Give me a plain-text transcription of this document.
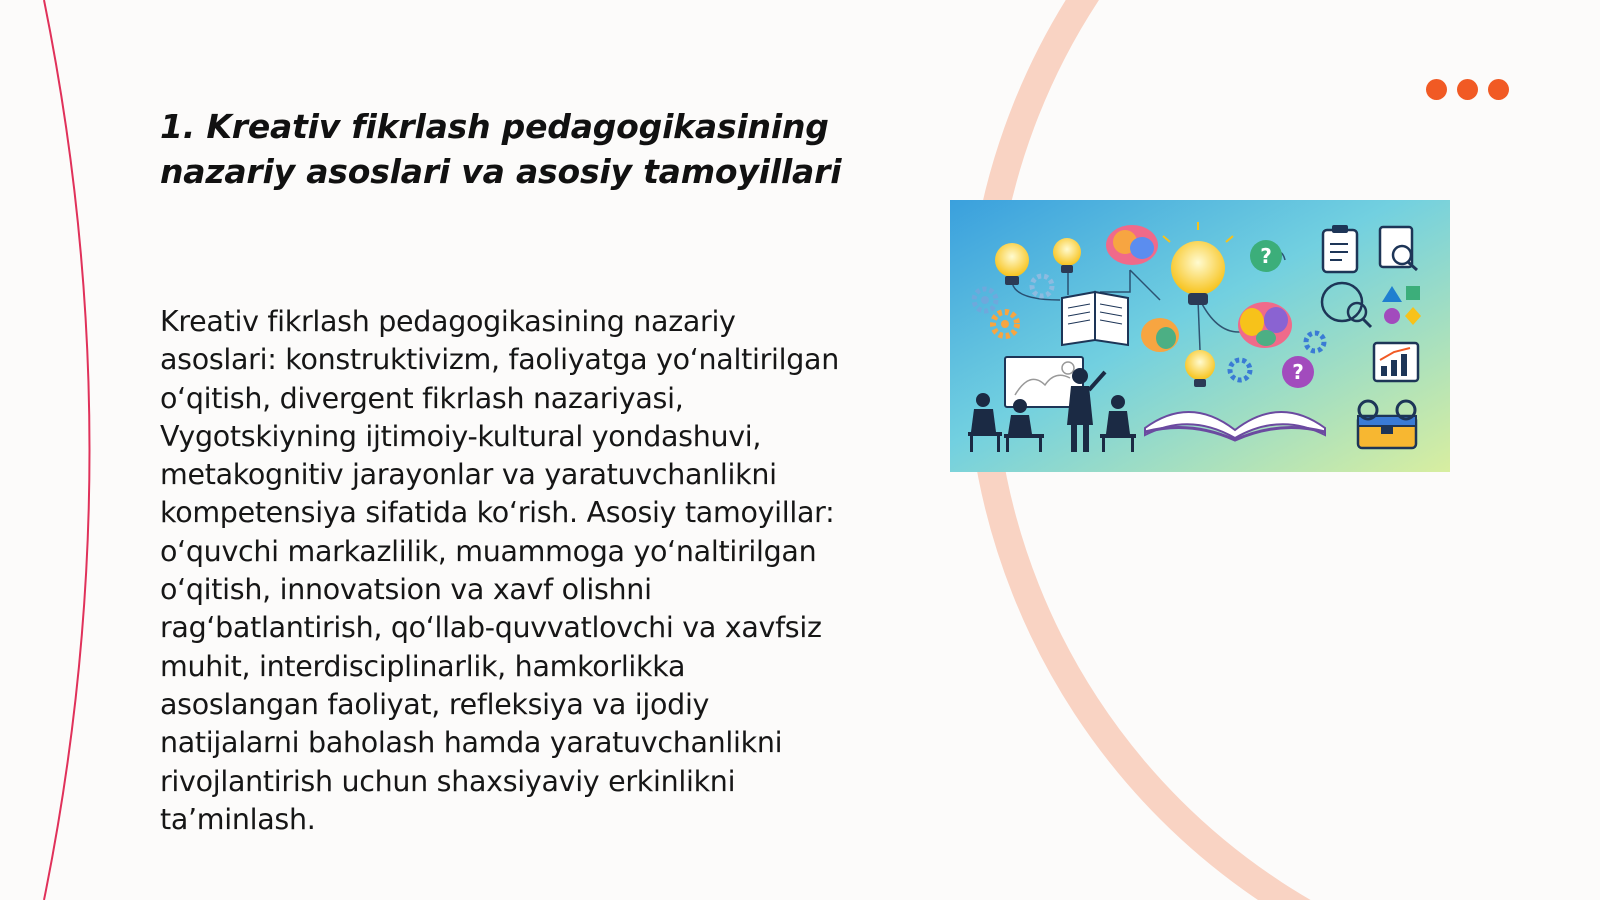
1. Kreativ fikrlash pedagogikasining nazariy asoslari va asosiy tamoyillari

Kreativ fikrlash pedagogikasining nazariy asoslari: konstruktivizm, faoliyatga yo‘naltirilgan o‘qitish, divergent fikrlash nazariyasi, Vygotskiyning ijtimoiy-kultural yondashuvi, metakognitiv jarayonlar va yaratuvchanlikni kompetensiya sifatida ko‘rish. Asosiy tamoyillar: o‘quvchi markazlilik, muammoga yo‘naltirilgan o‘qitish, innovatsion va xavf olishni rag‘batlantirish, qo‘llab-quvvatlovchi va xavfsiz muhit, interdisciplinarlik, hamkorlikka asoslangan faoliyat, refleksiya va ijodiy natijalarni baholash hamda yaratuvchanlikni rivojlantirish uchun shaxsiyaviy erkinlikni ta’minlash.

?
?
